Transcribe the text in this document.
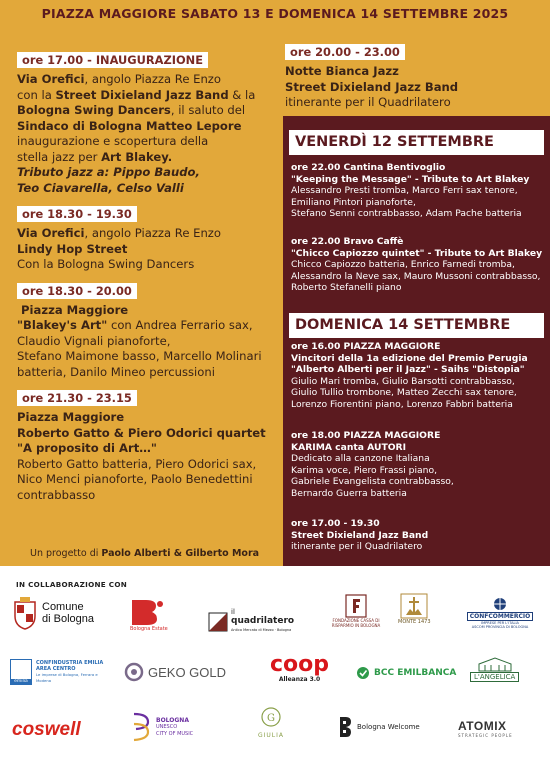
PIAZZA MAGGIORE SABATO 13 E DOMENICA 14 SETTEMBRE 2025
ore 17.00 - INAUGURAZIONE
Via Orefici, angolo Piazza Re Enzo
con la Street Dixieland Jazz Band & la
Bologna Swing Dancers, il saluto del
Sindaco di Bologna Matteo Lepore
inaugurazione e scopertura della
stella jazz per Art Blakey.
Tributo jazz a: Pippo Baudo,
Teo Ciavarella, Celso Valli
ore 18.30 - 19.30
Via Orefici, angolo Piazza Re Enzo
Lindy Hop Street
Con la Bologna Swing Dancers
ore 18.30 - 20.00
Piazza Maggiore
"Blakey's Art" con Andrea Ferrario sax,
Claudio Vignali pianoforte,
Stefano Maimone basso, Marcello Molinari
batteria, Danilo Mineo percussioni
ore 21.30 - 23.15
Piazza Maggiore
Roberto Gatto & Piero Odorici quartet
"A proposito di Art…"
Roberto Gatto batteria, Piero Odorici sax,
Nico Menci pianoforte, Paolo Benedettini
contrabbasso
Un progetto di Paolo Alberti & Gilberto Mora
ore 20.00 - 23.00
Notte Bianca Jazz
Street Dixieland Jazz Band
itinerante per il Quadrilatero
VENERDÌ 12 SETTEMBRE
ore 22.00 Cantina Bentivoglio
"Keeping the Message" - Tribute to Art Blakey
Alessandro Presti tromba, Marco Ferri sax tenore,
Emiliano Pintori pianoforte,
Stefano Senni contrabbasso, Adam Pache batteria
ore 22.00 Bravo Caffè
"Chicco Capiozzo quintet" - Tribute to Art Blakey
Chicco Capiozzo batteria, Enrico Farnedi tromba,
Alessandro la Neve sax, Mauro Mussoni contrabbasso,
Roberto Stefanelli piano
DOMENICA 14 SETTEMBRE
ore 16.00 PIAZZA MAGGIORE
Vincitori della 1a edizione del Premio Perugia
"Alberto Alberti per il Jazz" - Saihs "Distopia"
Giulio Mari tromba, Giulio Barsotti contrabbasso,
Giulio Tullio trombone, Matteo Zecchi sax tenore,
Lorenzo Fiorentini piano, Lorenzo Fabbri batteria
ore 18.00 PIAZZA MAGGIORE
KARIMA canta AUTORI
Dedicato alla canzone Italiana
Karima voce, Piero Frassi piano,
Gabriele Evangelista contrabbasso,
Bernardo Guerra batteria
ore 17.00 - 19.30
Street Dixieland Jazz Band
itinerante per il Quadrilatero
IN COLLABORAZIONE CON
Comune
di Bologna
Bologna Estate
il
quadrilatero
Antico Mercato di Mezzo · Bologna
FONDAZIONE CASSA DI RISPARMIO IN BOLOGNA
MONTE 1473
CONFCOMMERCIO
IMPRESE PER L'ITALIA
ASCOM PROVINCIA DI BOLOGNA
emilia
CONFINDUSTRIA EMILIA
AREA CENTRO
Le imprese di Bologna, Ferrara e Modena
GEKO GOLD coop
Alleanza 3.0
BCC EMILBANCA	L'ANGELICA
coswell	BOLOGNA
UNESCO
CITY OF MUSIC
G
GIULIA
Bologna Welcome	ATOMIX
STRATEGIC PEOPLE
